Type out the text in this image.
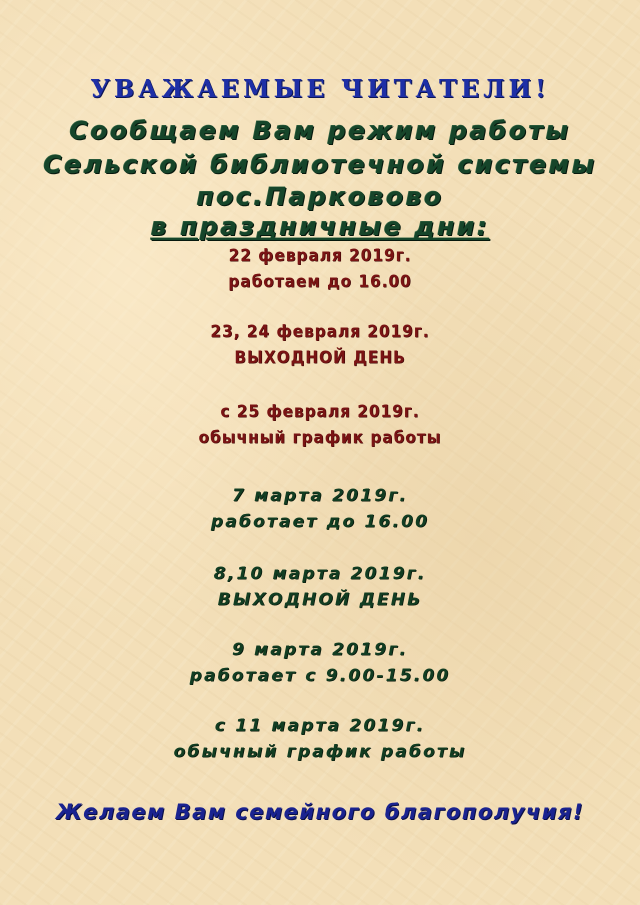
УВАЖАЕМЫЕ ЧИТАТЕЛИ!
Сообщаем Вам режим работы
Сельской библиотечной системы
пос.Парковово
в праздничные дни:
22 февраля 2019г.
работаем до 16.00
23, 24 февраля 2019г.
ВЫХОДНОЙ ДЕНЬ
с 25 февраля 2019г.
обычный график работы
7 марта 2019г.
работает до 16.00
8,10 марта 2019г.
ВЫХОДНОЙ ДЕНЬ
9 марта 2019г.
работает с 9.00-15.00
с 11 марта 2019г.
обычный график работы
Желаем Вам семейного благополучия!
